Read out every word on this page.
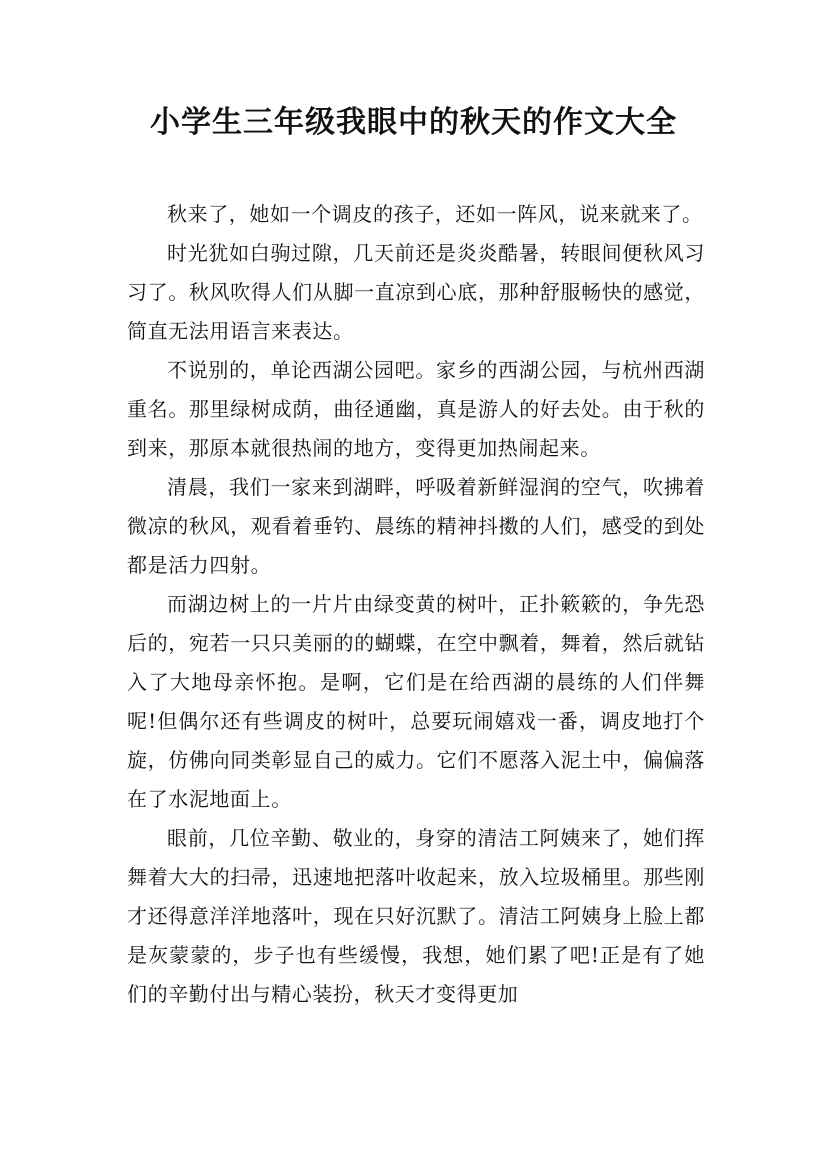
小学生三年级我眼中的秋天的作文大全

秋来了，她如一个调皮的孩子，还如一阵风，说来就来了。

时光犹如白驹过隙，几天前还是炎炎酷暑，转眼间便秋风习习了。秋风吹得人们从脚一直凉到心底，那种舒服畅快的感觉，简直无法用语言来表达。

不说别的，单论西湖公园吧。家乡的西湖公园，与杭州西湖重名。那里绿树成荫，曲径通幽，真是游人的好去处。由于秋的到来，那原本就很热闹的地方，变得更加热闹起来。

清晨，我们一家来到湖畔，呼吸着新鲜湿润的空气，吹拂着微凉的秋风，观看着垂钓、晨练的精神抖擞的人们，感受的到处都是活力四射。

而湖边树上的一片片由绿变黄的树叶，正扑簌簌的，争先恐后的，宛若一只只美丽的的蝴蝶，在空中飘着，舞着，然后就钻入了大地母亲怀抱。是啊，它们是在给西湖的晨练的人们伴舞呢!但偶尔还有些调皮的树叶，总要玩闹嬉戏一番，调皮地打个旋，仿佛向同类彰显自己的威力。它们不愿落入泥土中，偏偏落在了水泥地面上。

眼前，几位辛勤、敬业的，身穿的清洁工阿姨来了，她们挥舞着大大的扫帚，迅速地把落叶收起来，放入垃圾桶里。那些刚才还得意洋洋地落叶，现在只好沉默了。清洁工阿姨身上脸上都是灰蒙蒙的，步子也有些缓慢，我想，她们累了吧!正是有了她们的辛勤付出与精心装扮，秋天才变得更加
